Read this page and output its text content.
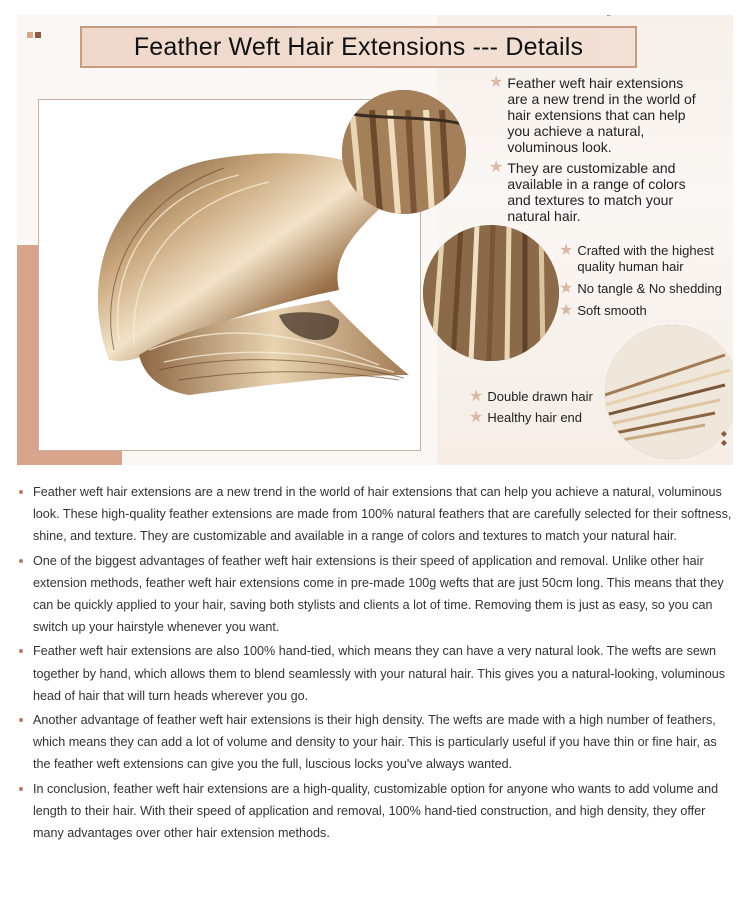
Feather Weft Hair Extensions --- Details
★ Feather weft hair extensions are a new trend in the world of hair extensions that can help you achieve a natural, voluminous look.
★ They are customizable and available in a range of colors and textures to match your natural hair.
★ Crafted with the highest quality human hair
★ No tangle & No shedding
★ Soft smooth
★ Double drawn hair
★ Healthy hair end
◆
◆
Feather weft hair extensions are a new trend in the world of hair extensions that can help you achieve a natural, voluminous look. These high-quality feather extensions are made from 100% natural feathers that are carefully selected for their softness, shine, and texture. They are customizable and available in a range of colors and textures to match your natural hair.
One of the biggest advantages of feather weft hair extensions is their speed of application and removal. Unlike other hair extension methods, feather weft hair extensions come in pre-made 100g wefts that are just 50cm long. This means that they can be quickly applied to your hair, saving both stylists and clients a lot of time. Removing them is just as easy, so you can switch up your hairstyle whenever you want.
Feather weft hair extensions are also 100% hand-tied, which means they can have a very natural look. The wefts are sewn together by hand, which allows them to blend seamlessly with your natural hair. This gives you a natural-looking, voluminous head of hair that will turn heads wherever you go.
Another advantage of feather weft hair extensions is their high density. The wefts are made with a high number of feathers, which means they can add a lot of volume and density to your hair. This is particularly useful if you have thin or fine hair, as the feather weft extensions can give you the full, luscious locks you've always wanted.
In conclusion, feather weft hair extensions are a high-quality, customizable option for anyone who wants to add volume and length to their hair. With their speed of application and removal, 100% hand-tied construction, and high density, they offer many advantages over other hair extension methods.
